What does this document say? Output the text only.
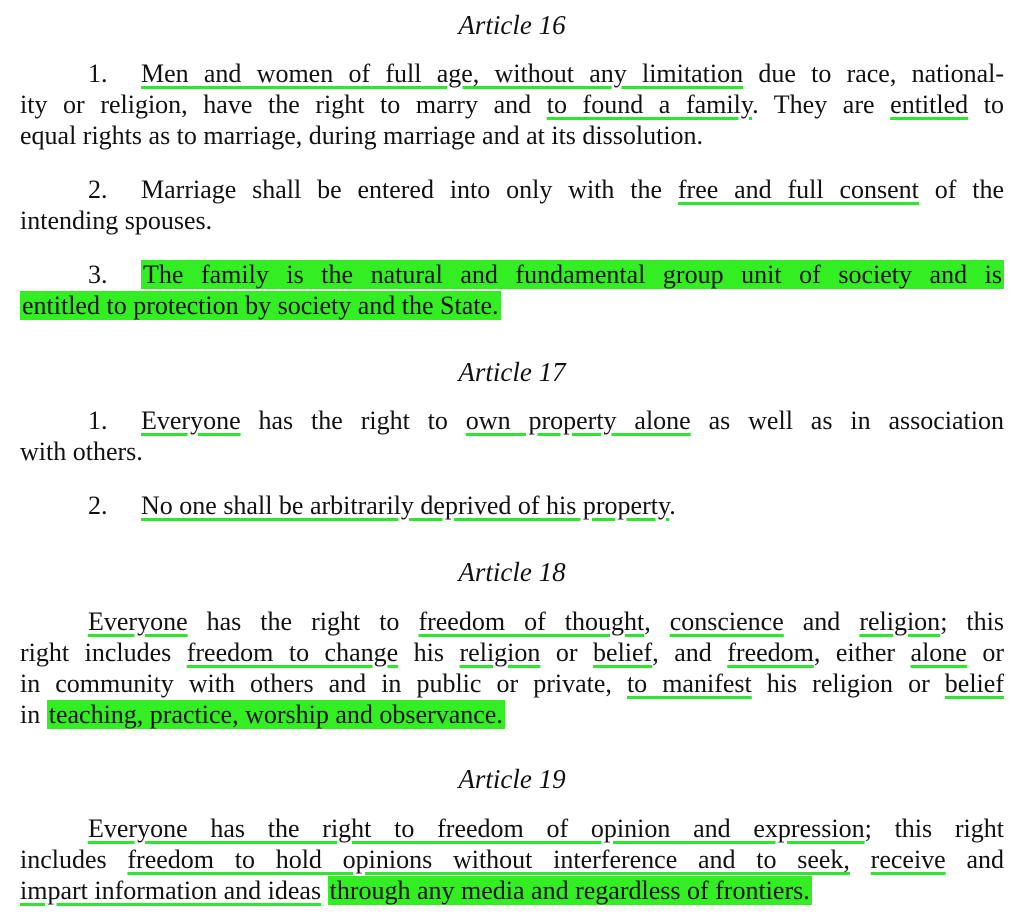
Article 16
1. Men and women of full age, without any limitation due to race, national-
ity or religion, have the right to marry and to found a family. They are entitled to
equal rights as to marriage, during marriage and at its dissolution.
2. Marriage shall be entered into only with the free and full consent of the
intending spouses.
3. The family is the natural and fundamental group unit of society and is
entitled to protection by society and the State.
Article 17
1. Everyone has the right to own property alone as well as in association
with others.
2. No one shall be arbitrarily deprived of his property.
Article 18
Everyone has the right to freedom of thought, conscience and religion; this
right includes freedom to change his religion or belief, and freedom, either alone or
in community with others and in public or private, to manifest his religion or belief
in teaching, practice, worship and observance.
Article 19
Everyone has the right to freedom of opinion and expression; this right
includes freedom to hold opinions without interference and to seek, receive and
impart information and ideas through any media and regardless of frontiers.
